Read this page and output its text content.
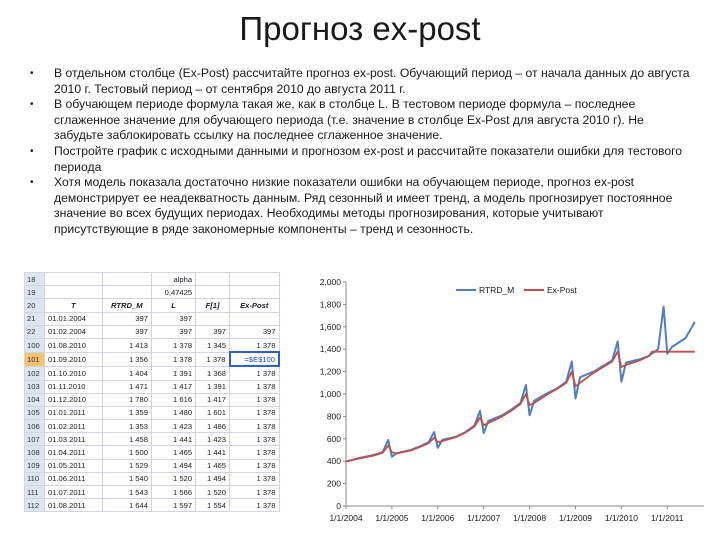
Прогноз ex-post
• В отдельном столбце (Ex-Post) рассчитайте прогноз ex-post. Обучающий период – от начала данных до августа 2010 г. Тестовый период – от сентября 2010 до августа 2011 г.
• В обучающем периоде формула такая же, как в столбце L. В тестовом периоде формула – последнее сглаженное значение для обучающего периода (т.е. значение в столбце Ex-Post для августа 2010 г). Не забудьте заблокировать ссылку на последнее сглаженное значение.
• Постройте график с исходными данными и прогнозом ex-post и рассчитайте показатели ошибки для тестового периода
• Хотя модель показала достаточно низкие показатели ошибки на обучающем периоде, прогноз ex-post демонстрирует ее неадекватность данным. Ряд сезонный и имеет тренд, а модель прогнозирует постоянное значение во всех будущих периодах. Необходимы методы прогнозирования, которые учитывают присутствующие в ряде закономерные компоненты – тренд и сезонность.
18			alpha		
19			0,47425		
20	T	RTRD_M	L	F[1]	Ex-Post
21	01.01.2004	397	397		
22	01.02.2004	397	397	397	397
100	01.08.2010	1 413	1 378	1 345	1 378
101	01.09.2010	1 356	1 378	1 378	=$E$100
102	01.10.2010	1 404	1 391	1 368	1 378
103	01.11.2010	1 471	1 417	1 391	1 378
104	01.12.2010	1 780	1 616	1 417	1 378
105	01.01.2011	1 359	1 480	1 601	1 378
106	01.02.2011	1 353	1 423	1 486	1 378
107	01.03.2011	1 458	1 441	1 423	1 378
108	01.04.2011	1 500	1 465	1 441	1 378
109	01.05.2011	1 529	1 494	1 465	1 378
110	01.06.2011	1 540	1 520	1 494	1 378
111	01.07.2011	1 543	1 566	1 520	1 378
112	01.08.2011	1 644	1 597	1 554	1 378	0
200
400
600
800
1,000
1,200
1,400
1,600
1,800
2,000
1/1/2004 1/1/2005 1/1/2006 1/1/2007 1/1/2008 1/1/2009 1/1/2010 1/1/2011
RTRD_M	Ex-Post
